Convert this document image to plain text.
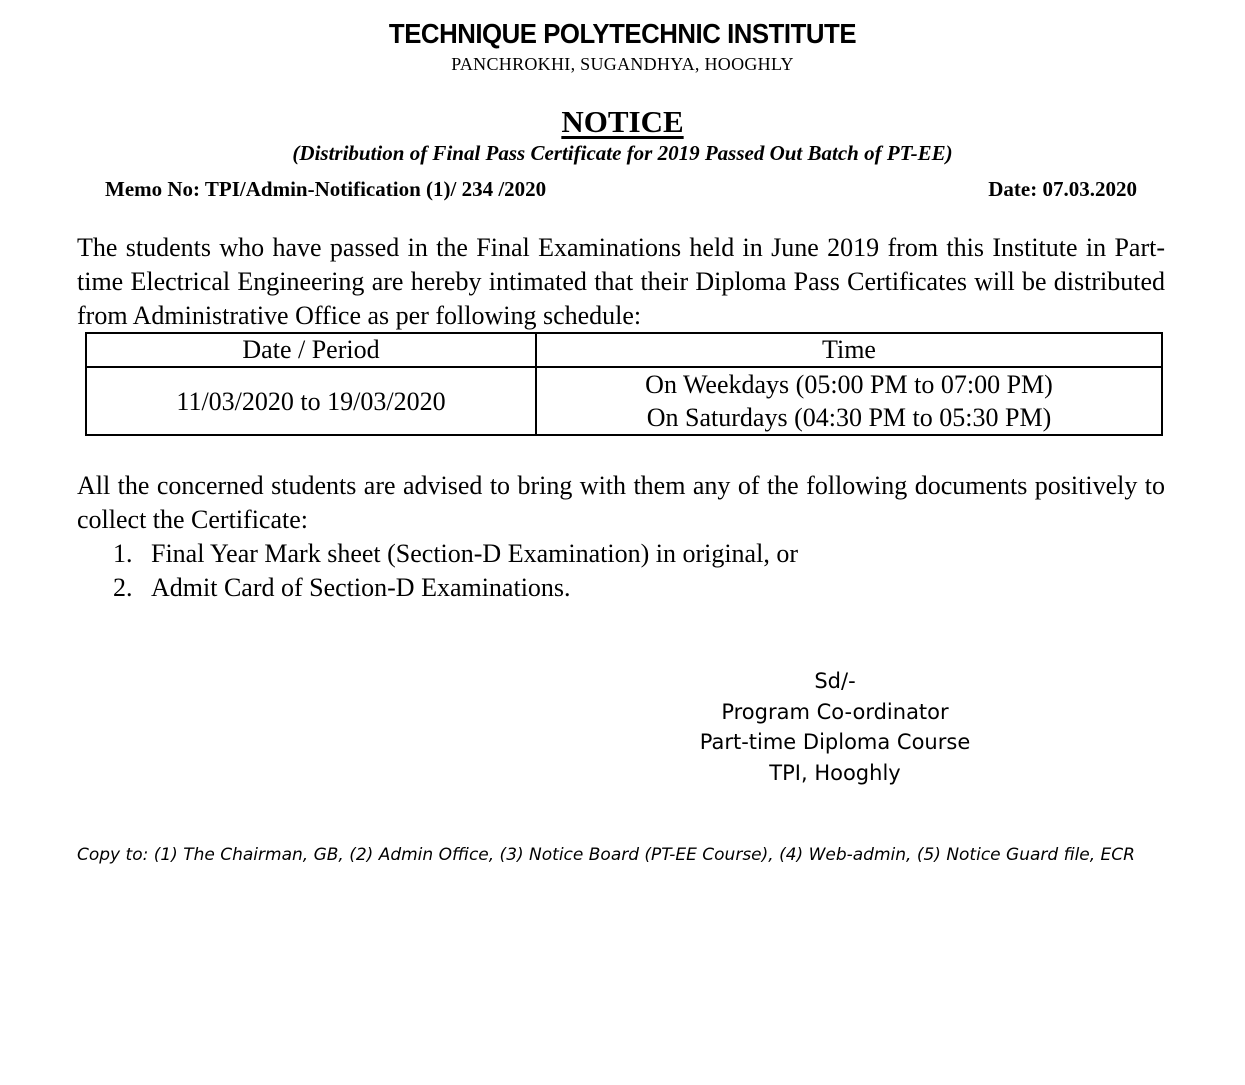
TECHNIQUE POLYTECHNIC INSTITUTE
PANCHROKHI, SUGANDHYA, HOOGHLY
NOTICE
(Distribution of Final Pass Certificate for 2019 Passed Out Batch of PT-EE)
Memo No: TPI/Admin-Notification (1)/ 234 /2020	Date: 07.03.2020
The students who have passed in the Final Examinations held in June 2019 from this Institute in Part-time Electrical Engineering are hereby intimated that their Diploma Pass Certificates will be distributed from Administrative Office as per following schedule:
Date / Period	Time
11/03/2020 to 19/03/2020	On Weekdays (05:00 PM to 07:00 PM)
On Saturdays (04:30 PM to 05:30 PM)
All the concerned students are advised to bring with them any of the following documents positively to collect the Certificate:
1. Final Year Mark sheet (Section-D Examination) in original, or
2. Admit Card of Section-D Examinations.
Sd/-
Program Co-ordinator
Part-time Diploma Course
TPI, Hooghly
Copy to: (1) The Chairman, GB, (2) Admin Office, (3) Notice Board (PT-EE Course), (4) Web-admin, (5) Notice Guard file, ECR
